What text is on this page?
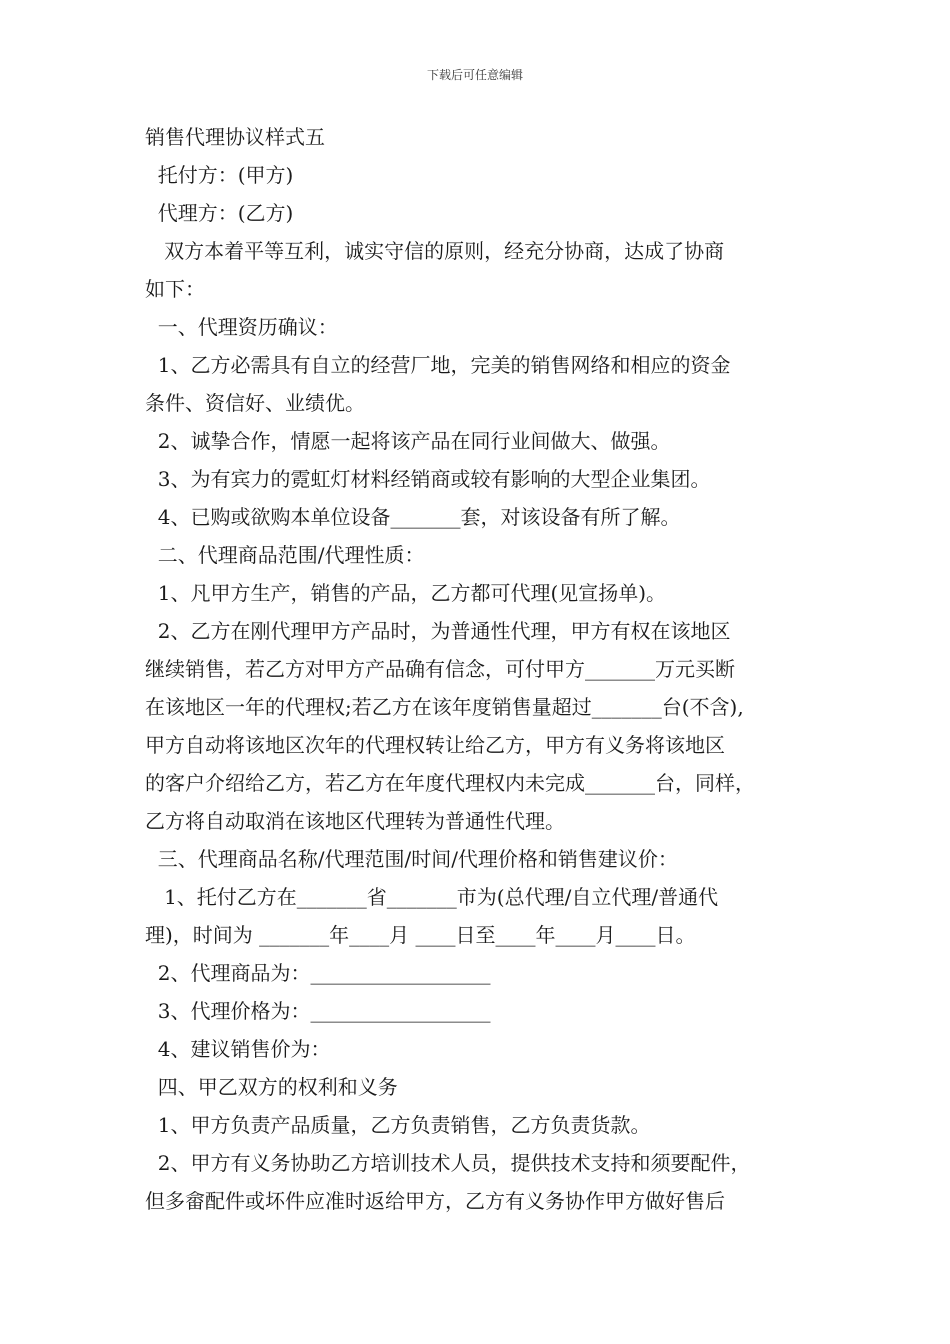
下载后可任意编辑
销售代理协议样式五
托付方：(甲方)
代理方：(乙方)
双方本着平等互利，诚实守信的原则，经充分协商，达成了协商
如下：
一、代理资历确议：
1、乙方必需具有自立的经营厂地，完美的销售网络和相应的资金
条件、资信好、业绩优。
2、诚挚合作，情愿一起将该产品在同行业间做大、做强。
3、为有宾力的霓虹灯材料经销商或较有影响的大型企业集团。
4、已购或欲购本单位设备_______套，对该设备有所了解。
二、代理商品范围/代理性质：
1、凡甲方生产，销售的产品，乙方都可代理(见宣扬单)。
2、乙方在刚代理甲方产品时，为普通性代理，甲方有权在该地区
继续销售，若乙方对甲方产品确有信念，可付甲方_______万元买断
在该地区一年的代理权;若乙方在该年度销售量超过_______台(不含),
甲方自动将该地区次年的代理权转让给乙方，甲方有义务将该地区
的客户介绍给乙方，若乙方在年度代理权内未完成_______台，同样，
乙方将自动取消在该地区代理转为普通性代理。
三、代理商品名称/代理范围/时间/代理价格和销售建议价：
1、托付乙方在_______省_______市为(总代理/自立代理/普通代
理)，时间为 _______年____月 ____日至____年____月____日。
2、代理商品为：__________________
3、代理价格为：__________________
4、建议销售价为：
四、甲乙双方的权利和义务
1、甲方负责产品质量，乙方负责销售，乙方负责货款。
2、甲方有义务协助乙方培训技术人员，提供技术支持和须要配件，
但多畲配件或坏件应准时返给甲方，乙方有义务协作甲方做好售后
